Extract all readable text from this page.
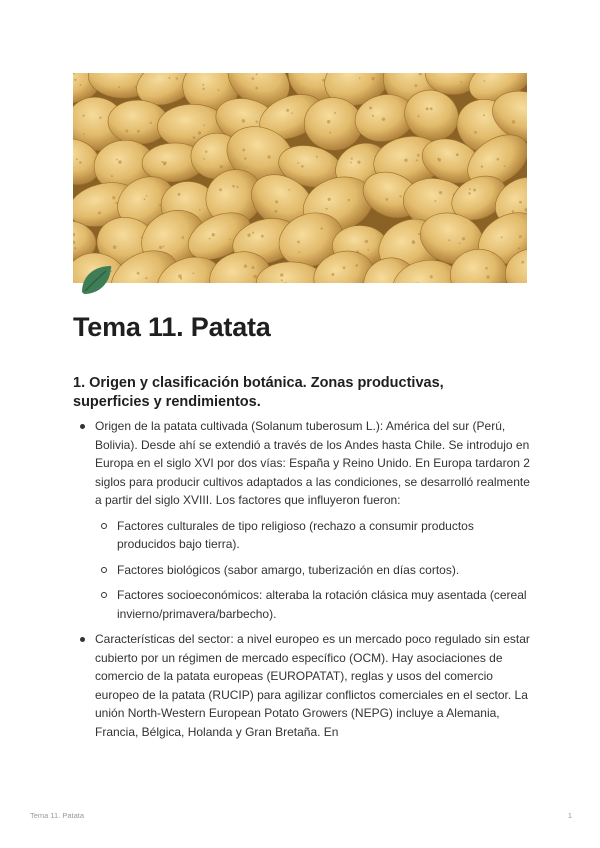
Tema 11. Patata
1. Origen y clasificación botánica. Zonas productivas, superficies y rendimientos.
Origen de la patata cultivada (Solanum tuberosum L.): América del sur (Perú, Bolivia). Desde ahí se extendió a través de los Andes hasta Chile. Se introdujo en Europa en el siglo XVI por dos vías: España y Reino Unido. En Europa tardaron 2 siglos para producir cultivos adaptados a las condiciones, se desarrolló realmente a partir del siglo XVIII. Los factores que influyeron fueron:
Factores culturales de tipo religioso (rechazo a consumir productos producidos bajo tierra).
Factores biológicos (sabor amargo, tuberización en días cortos).
Factores socioeconómicos: alteraba la rotación clásica muy asentada (cereal invierno/primavera/barbecho).
Características del sector: a nivel europeo es un mercado poco regulado sin estar cubierto por un régimen de mercado específico (OCM). Hay asociaciones de comercio de la patata europeas (EUROPATAT), reglas y usos del comercio europeo de la patata (RUCIP) para agilizar conflictos comerciales en el sector. La unión North-Western European Potato Growers (NEPG) incluye a Alemania, Francia, Bélgica, Holanda y Gran Bretaña. En
Tema 11. Patata	1
